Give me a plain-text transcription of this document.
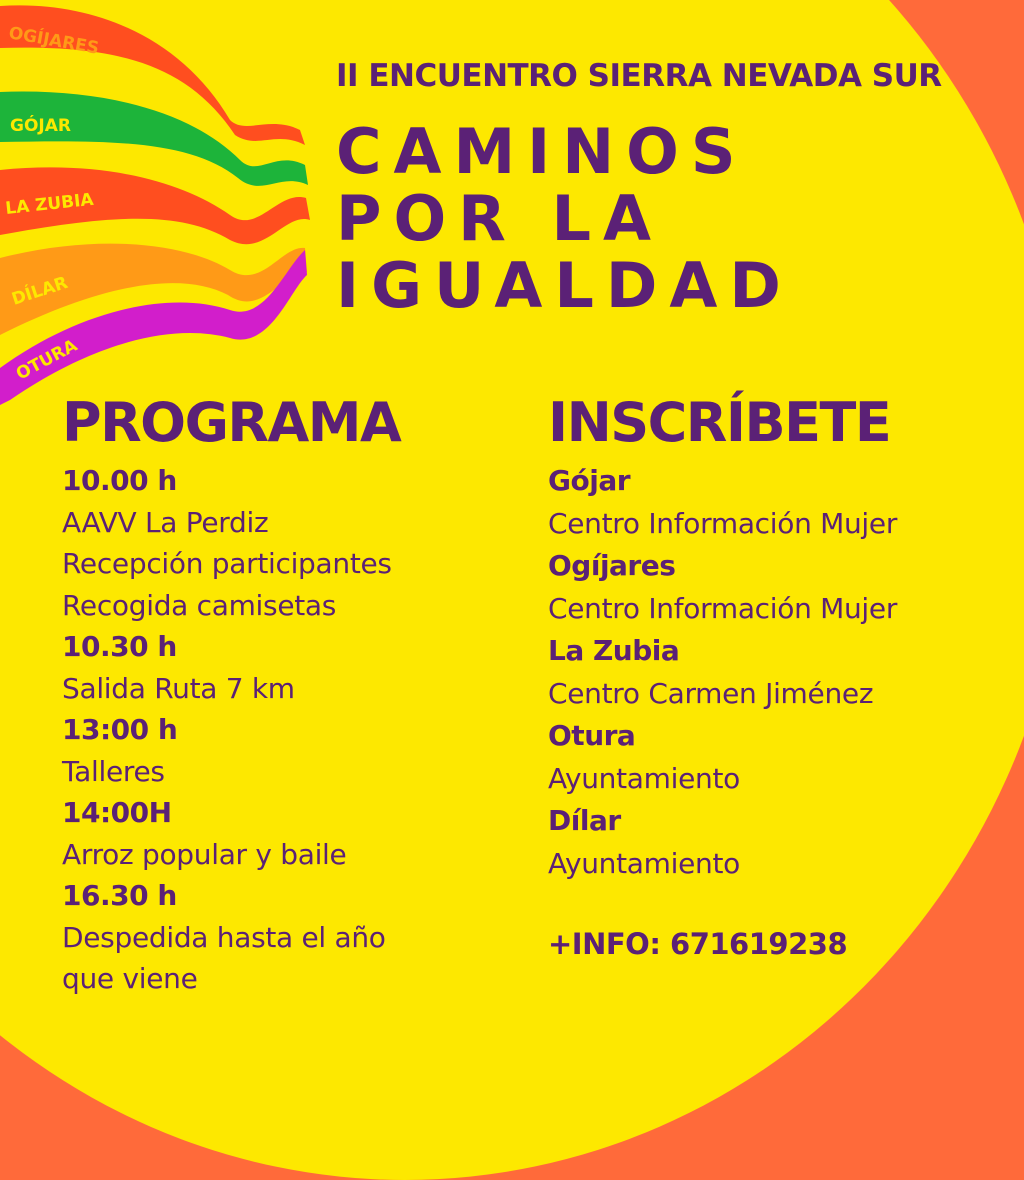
OGÍJARES
GÓJAR
LA ZUBIA
DÍLAR
OTURA
II ENCUENTRO SIERRA NEVADA SUR
CAMINOS
POR LA
IGUALDAD
PROGRAMA
10.00 h
AAVV La Perdiz
Recepción participantes
Recogida camisetas
10.30 h
Salida Ruta 7 km
13:00 h
Talleres
14:00H
Arroz popular y baile
16.30 h
Despedida hasta el año
que viene
INSCRÍBETE
Gójar
Centro Información Mujer
Ogíjares
Centro Información Mujer
La Zubia
Centro Carmen Jiménez
Otura
Ayuntamiento
Dílar
Ayuntamiento
+INFO: 671619238
